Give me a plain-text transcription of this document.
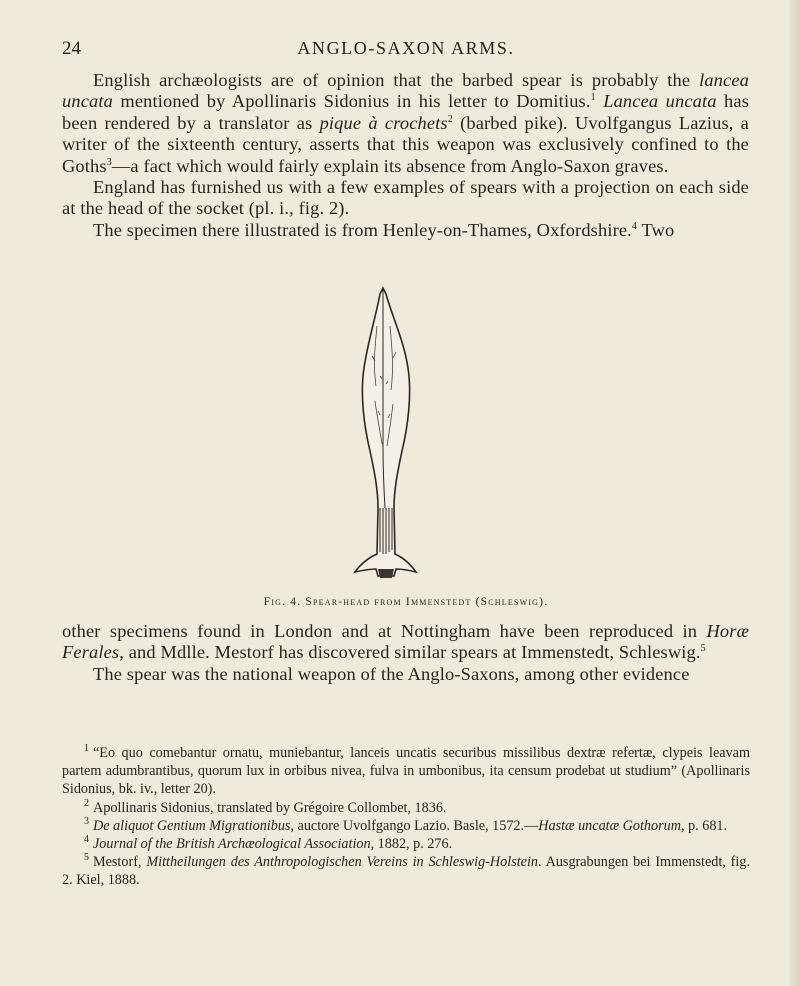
24	ANGLO-SAXON ARMS.

English archæologists are of opinion that the barbed spear is probably the lancea uncata mentioned by Apollinaris Sidonius in his letter to Domitius.$^1$ Lancea uncata has been rendered by a translator as pique à crochets$^2$ (barbed pike). Uvolfgangus Lazius, a writer of the sixteenth century, asserts that this weapon was exclusively confined to the Goths$^3$—a fact which would fairly explain its absence from Anglo-Saxon graves.

England has furnished us with a few examples of spears with a projection on each side at the head of the socket (pl. i., fig. 2).

The specimen there illustrated is from Henley-on-Thames, Oxfordshire.$^4$ Two

Fig. 4. Spear-head from Immenstedt (Schleswig).

other specimens found in London and at Nottingham have been reproduced in Horæ Ferales, and Mdlle. Mestorf has discovered similar spears at Immenstedt, Schleswig.$^5$

The spear was the national weapon of the Anglo-Saxons, among other evidence

$^1$ “Eo quo comebantur ornatu, muniebantur, lanceis uncatis securibus missilibus dextræ refertæ, clypeis leavam partem adumbrantibus, quorum lux in orbibus nivea, fulva in umbonibus, ita censum prodebat ut studium” (Apollinaris Sidonius, bk. iv., letter 20).

$^2$ Apollinaris Sidonius, translated by Grégoire Collombet, 1836.

$^3$ De aliquot Gentium Migrationibus, auctore Uvolfgango Lazio. Basle, 1572.—Hastæ uncatæ Gothorum, p. 681.

$^4$ Journal of the British Archæological Association, 1882, p. 276.

$^5$ Mestorf, Mittheilungen des Anthropologischen Vereins in Schleswig-Holstein. Ausgrabungen bei Immenstedt, fig. 2. Kiel, 1888.
